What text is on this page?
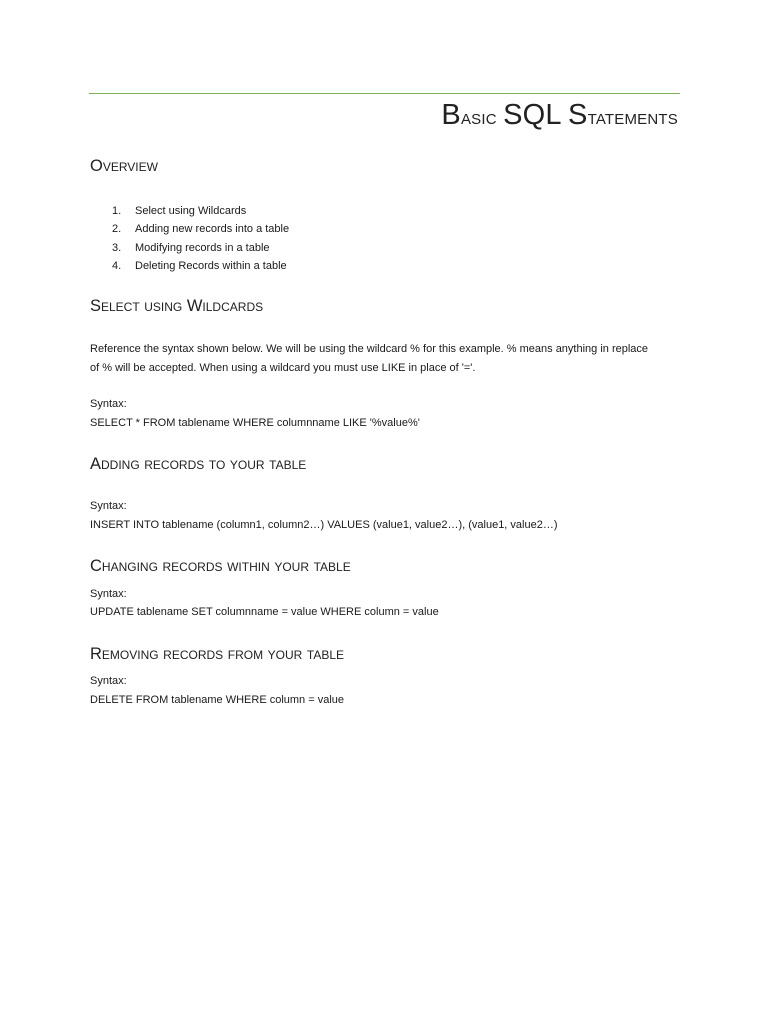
Basic SQL Statements
Overview
1. Select using Wildcards
2. Adding new records into a table
3. Modifying records in a table
4. Deleting Records within a table
Select using Wildcards

Reference the syntax shown below. We will be using the wildcard % for this example. % means anything in replace

of % will be accepted. When using a wildcard you must use LIKE in place of '='.

Syntax:

SELECT * FROM tablename WHERE columnname LIKE '%value%'

Adding records to your table

Syntax:

INSERT INTO tablename (column1, column2…) VALUES (value1, value2…), (value1, value2…)

Changing records within your table

Syntax:

UPDATE tablename SET columnname = value WHERE column = value

Removing records from your table

Syntax:

DELETE FROM tablename WHERE column = value
